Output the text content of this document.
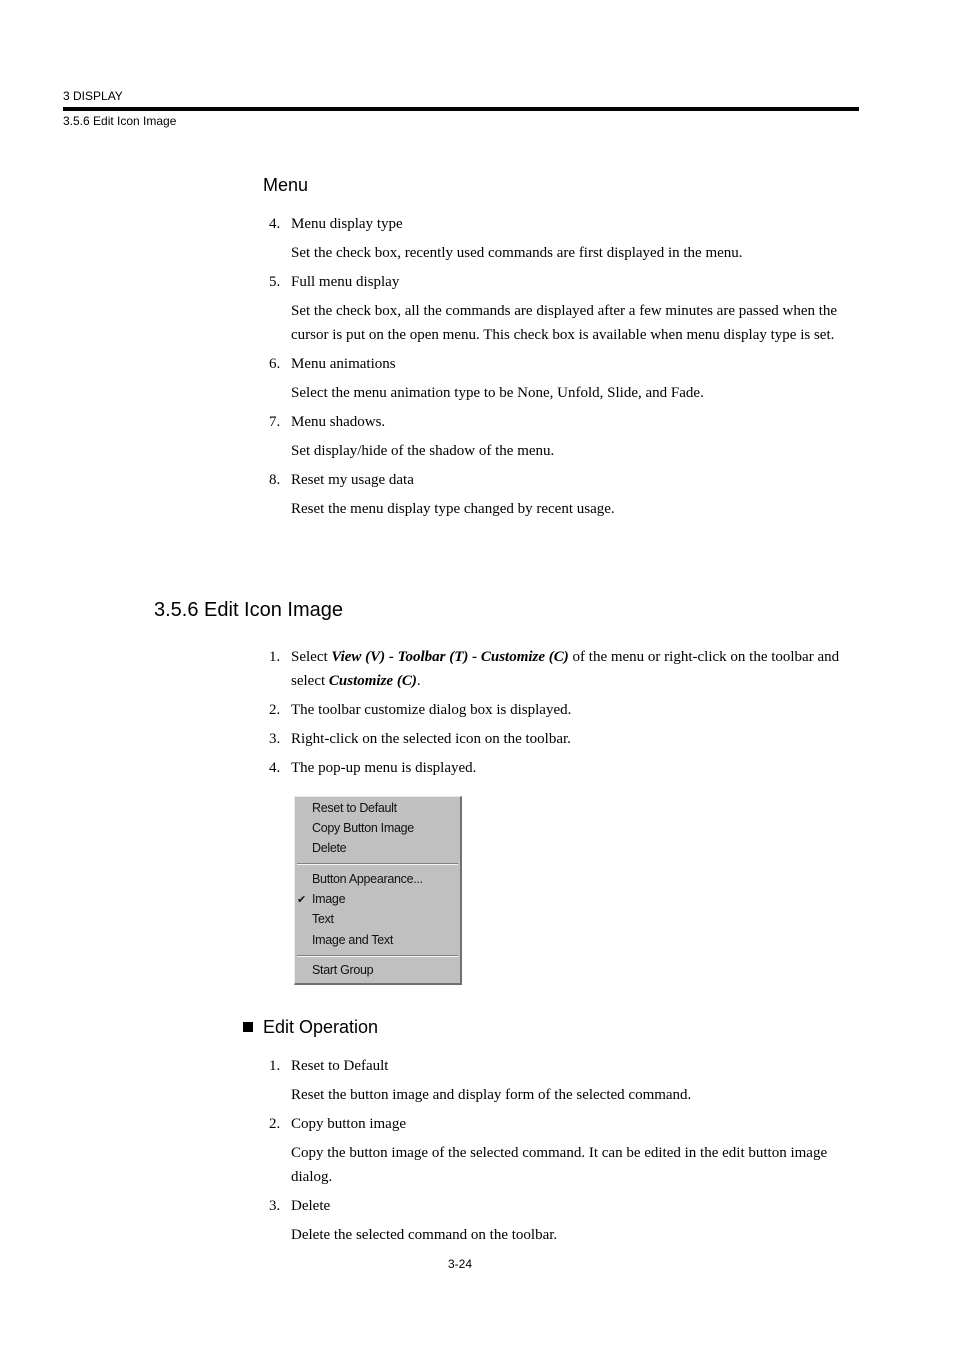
3 DISPLAY
3.5.6 Edit Icon Image
Menu
4. Menu display type
Set the check box, recently used commands are first displayed in the menu.
5. Full menu display
Set the check box, all the commands are displayed after a few minutes are passed when the cursor is put on the open menu. This check box is available when menu display type is set.
6. Menu animations
Select the menu animation type to be None, Unfold, Slide, and Fade.
7. Menu shadows.
Set display/hide of the shadow of the menu.
8. Reset my usage data
Reset the menu display type changed by recent usage.
3.5.6 Edit Icon Image
1. Select View (V) - Toolbar (T) - Customize (C) of the menu or right-click on the toolbar and select Customize (C).
2. The toolbar customize dialog box is displayed.
3. Right-click on the selected icon on the toolbar.
4. The pop-up menu is displayed.
Reset to Default
Copy Button Image
Delete
Button Appearance...
✔ Image
Text
Image and Text
Start Group
Edit Operation
1. Reset to Default
Reset the button image and display form of the selected command.
2. Copy button image
Copy the button image of the selected command. It can be edited in the edit button image dialog.
3. Delete
Delete the selected command on the toolbar.
3-24
